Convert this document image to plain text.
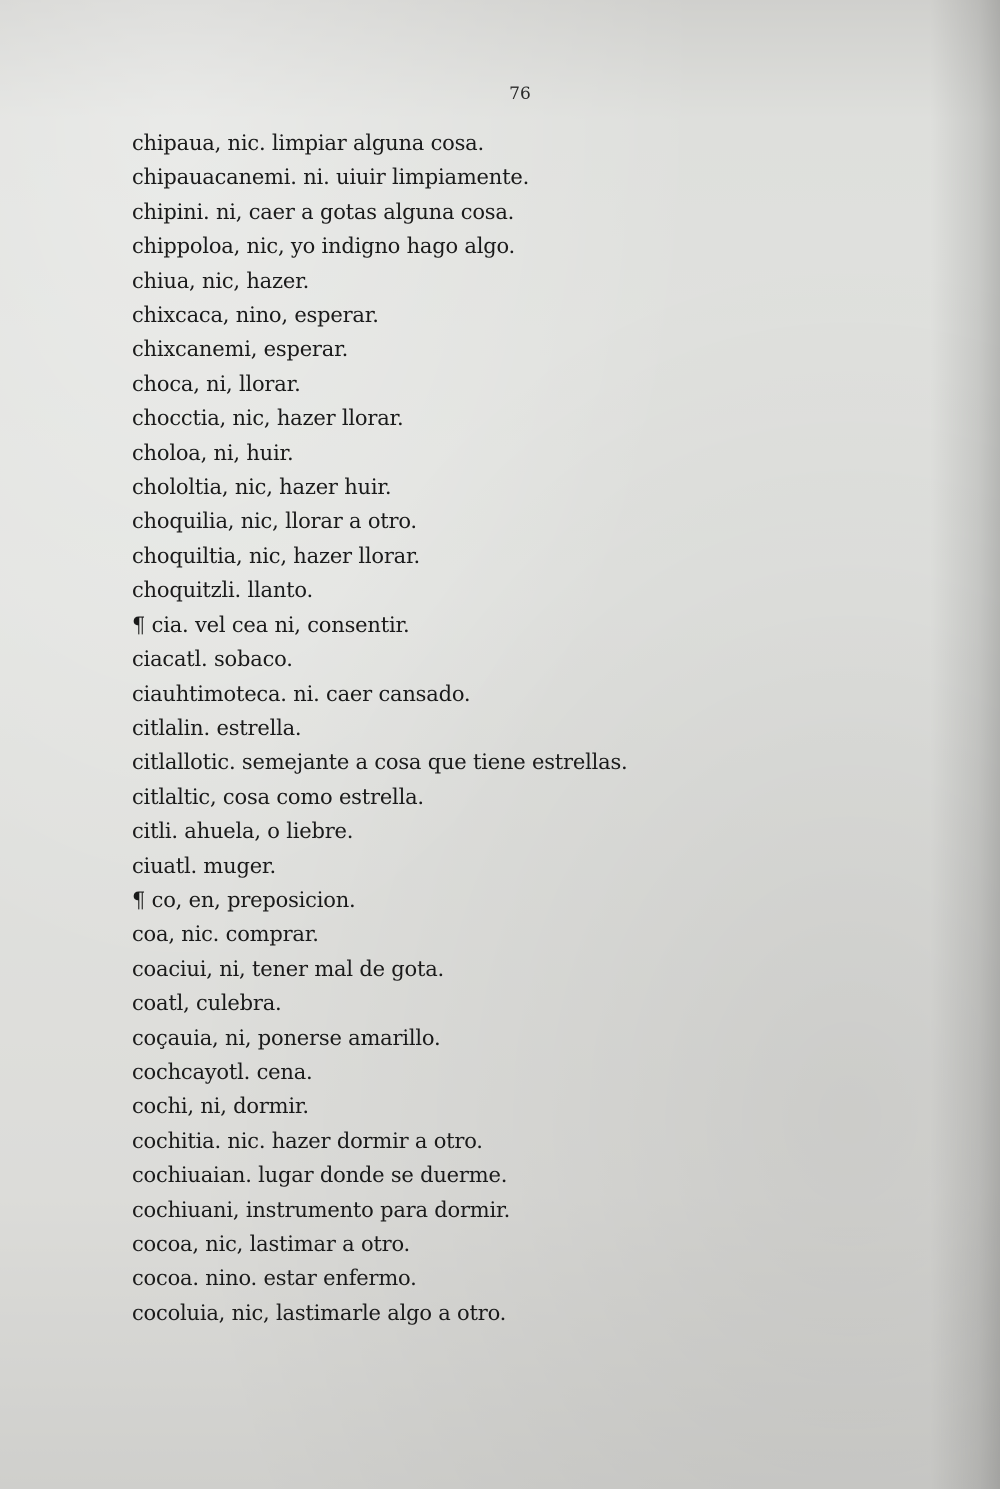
76
chipaua, nic. limpiar alguna cosa.
chipauacanemi. ni. uiuir limpiamente.
chipini. ni, caer a gotas alguna cosa.
chippoloa, nic, yo indigno hago algo.
chiua, nic, hazer.
chixcaca, nino, esperar.
chixcanemi, esperar.
choca, ni, llorar.
chocctia, nic, hazer llorar.
choloa, ni, huir.
chololtia, nic, hazer huir.
choquilia, nic, llorar a otro.
choquiltia, nic, hazer llorar.
choquitzli. llanto.
¶ cia. vel cea ni, consentir.
ciacatl. sobaco.
ciauhtimoteca. ni. caer cansado.
citlalin. estrella.
citlallotic. semejante a cosa que tiene estrellas.
citlaltic, cosa como estrella.
citli. ahuela, o liebre.
ciuatl. muger.
¶ co, en, preposicion.
coa, nic. comprar.
coaciui, ni, tener mal de gota.
coatl, culebra.
coçauia, ni, ponerse amarillo.
cochcayotl. cena.
cochi, ni, dormir.
cochitia. nic. hazer dormir a otro.
cochiuaian. lugar donde se duerme.
cochiuani, instrumento para dormir.
cocoa, nic, lastimar a otro.
cocoa. nino. estar enfermo.
cocoluia, nic, lastimarle algo a otro.
